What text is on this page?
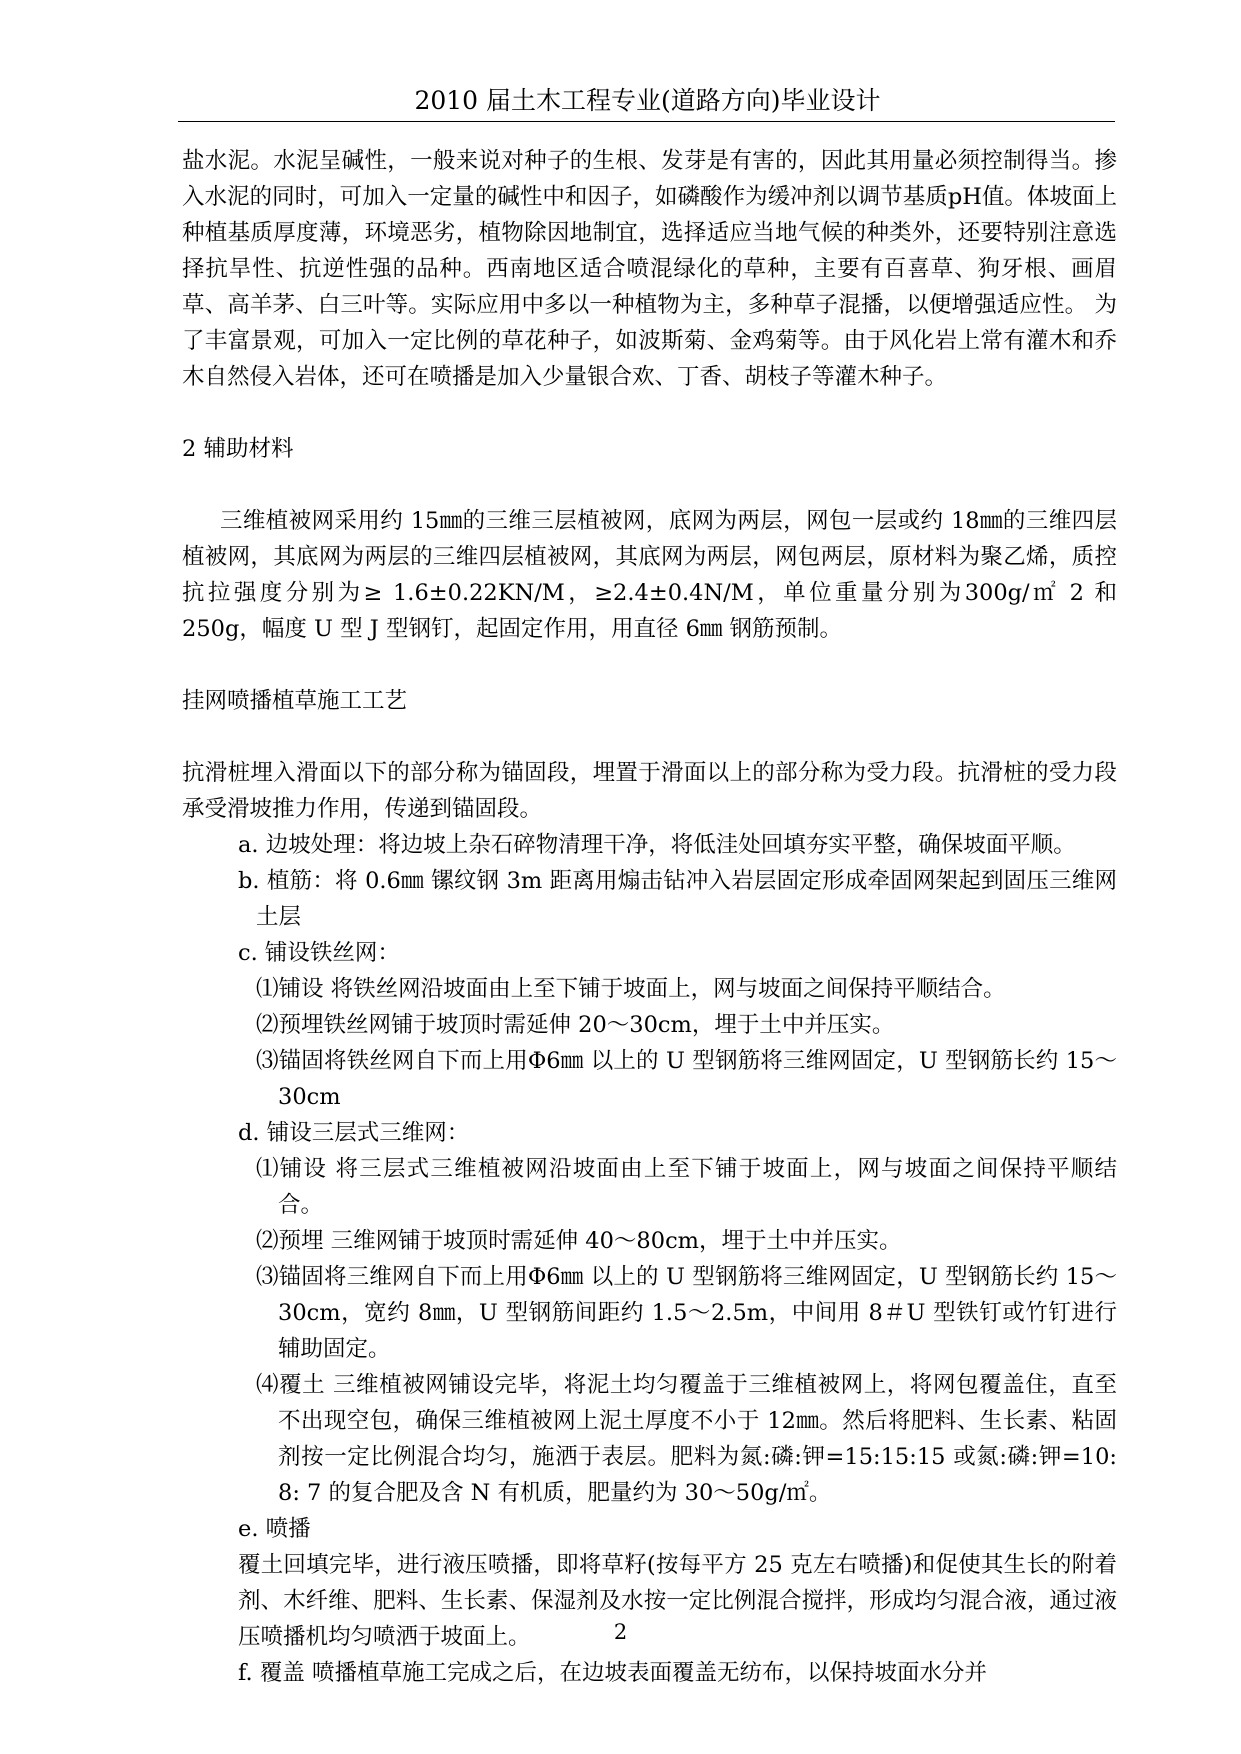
2010 届土木工程专业(道路方向)毕业设计

盐水泥。水泥呈碱性，一般来说对种子的生根、发芽是有害的，因此其用量必须控制得当。掺入水泥的同时，可加入一定量的碱性中和因子，如磷酸作为缓冲剂以调节基质pH值。体坡面上种植基质厚度薄，环境恶劣，植物除因地制宜，选择适应当地气候的种类外，还要特别注意选择抗旱性、抗逆性强的品种。西南地区适合喷混绿化的草种，主要有百喜草、狗牙根、画眉草、高羊茅、白三叶等。实际应用中多以一种植物为主，多种草子混播，以便增强适应性。 为了丰富景观，可加入一定比例的草花种子，如波斯菊、金鸡菊等。由于风化岩上常有灌木和乔木自然侵入岩体，还可在喷播是加入少量银合欢、丁香、胡枝子等灌木种子。

2 辅助材料

三维植被网采用约 15㎜的三维三层植被网，底网为两层，网包一层或约 18㎜的三维四层植被网，其底网为两层的三维四层植被网，其底网为两层，网包两层，原材料为聚乙烯，质控抗拉强度分别为≥ 1.6±0.22KN/M，≥2.4±0.4N/M，单位重量分别为300g/㎡ 2 和 250g，幅度 U 型 J 型钢钉，起固定作用，用直径 6㎜ 钢筋预制。

挂网喷播植草施工工艺

抗滑桩埋入滑面以下的部分称为锚固段，埋置于滑面以上的部分称为受力段。抗滑桩的受力段承受滑坡推力作用，传递到锚固段。

a. 边坡处理：将边坡上杂石碎物清理干净，将低洼处回填夯实平整，确保坡面平顺。

b. 植筋：将 0.6㎜ 镙纹钢 3m 距离用煽击钻冲入岩层固定形成牵固网架起到固压三维网土层

c. 铺设铁丝网：

⑴铺设 将铁丝网沿坡面由上至下铺于坡面上，网与坡面之间保持平顺结合。

⑵预埋铁丝网铺于坡顶时需延伸 20～30cm，埋于土中并压实。

⑶锚固将铁丝网自下而上用Φ6㎜ 以上的 U 型钢筋将三维网固定，U 型钢筋长约 15～30cm

d. 铺设三层式三维网：

⑴铺设 将三层式三维植被网沿坡面由上至下铺于坡面上，网与坡面之间保持平顺结合。

⑵预埋 三维网铺于坡顶时需延伸 40～80cm，埋于土中并压实。

⑶锚固将三维网自下而上用Φ6㎜ 以上的 U 型钢筋将三维网固定，U 型钢筋长约 15～30cm，宽约 8㎜，U 型钢筋间距约 1.5～2.5m，中间用 8＃U 型铁钉或竹钉进行辅助固定。

⑷覆土 三维植被网铺设完毕，将泥土均匀覆盖于三维植被网上，将网包覆盖住，直至不出现空包，确保三维植被网上泥土厚度不小于 12㎜。然后将肥料、生长素、粘固剂按一定比例混合均匀，施洒于表层。肥料为氮:磷:钾=15:15:15 或氮:磷:钾=10: 8: 7 的复合肥及含 N 有机质，肥量约为 30～50g/㎡。

e. 喷播

覆土回填完毕，进行液压喷播，即将草籽(按每平方 25 克左右喷播)和促使其生长的附着剂、木纤维、肥料、生长素、保湿剂及水按一定比例混合搅拌，形成均匀混合液，通过液压喷播机均匀喷洒于坡面上。

f. 覆盖 喷播植草施工完成之后，在边坡表面覆盖无纺布，以保持坡面水分并

2
